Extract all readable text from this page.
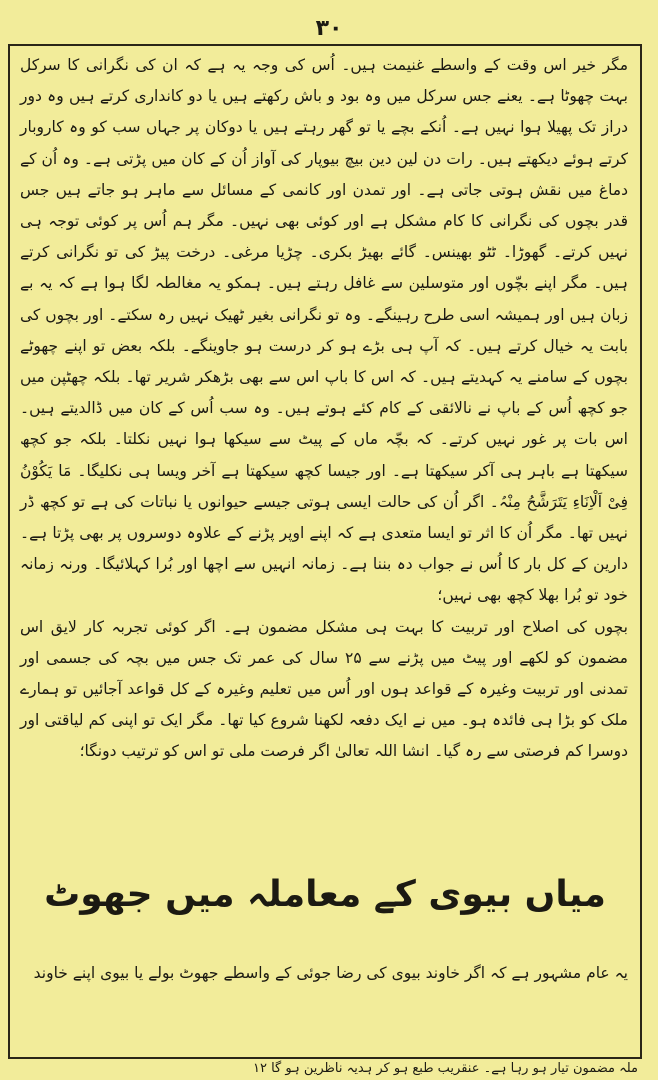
۳۰

مگر خیر اس وقت کے واسطے غنیمت ہیں۔ اُس کی وجہ یہ ہے کہ ان کی نگرانی کا سرکل بہت چھوٹا ہے۔ یعنے جس سرکل میں وہ بود و باش رکھتے ہیں یا دو کانداری کرتے ہیں وہ دور دراز تک پھیلا ہوا نہیں ہے۔ اُنکے بچے یا تو گھر رہتے ہیں یا دوکان پر جہاں سب کو وہ کاروبار کرتے ہوئے دیکھتے ہیں۔ رات دن لین دین بیچ بیوپار کی آواز اُن کے کان میں پڑتی ہے۔ وہ اُن کے دماغ میں نقش ہوتی جاتی ہے۔ اور تمدن اور کانمی کے مسائل سے ماہر ہو جاتے ہیں جس قدر بچوں کی نگرانی کا کام مشکل ہے اور کوئی بھی نہیں۔ مگر ہم اُس پر کوئی توجہ ہی نہیں کرتے۔ گھوڑا۔ ٹٹو بھینس۔ گائے بھیڑ بکری۔ چڑیا مرغی۔ درخت پیڑ کی تو نگرانی کرتے ہیں۔ مگر اپنے بچّوں اور متوسلین سے غافل رہتے ہیں۔ ہمکو یہ مغالطہ لگا ہوا ہے کہ یہ بے زبان ہیں اور ہمیشہ اسی طرح رہینگے۔ وہ تو نگرانی بغیر ٹھیک نہیں رہ سکتے۔ اور بچوں کی بابت یہ خیال کرتے ہیں۔ کہ آپ ہی بڑے ہو کر درست ہو جاوینگے۔ بلکہ بعض تو اپنے چھوٹے بچوں کے سامنے یہ کہدیتے ہیں۔ کہ اس کا باپ اس سے بھی بڑھکر شریر تھا۔ بلکہ چھٹپن میں جو کچھ اُس کے باپ نے نالائقی کے کام کئے ہوتے ہیں۔ وہ سب اُس کے کان میں ڈالدیتے ہیں۔ اس بات پر غور نہیں کرتے۔ کہ بچّہ ماں کے پیٹ سے سیکھا ہوا نہیں نکلتا۔ بلکہ جو کچھ سیکھتا ہے باہر ہی آکر سیکھتا ہے۔ اور جیسا کچھ سیکھتا ہے آخر ویسا ہی نکلیگا۔ مَا یَکُوْنُ فِیْ اَلْاِنَاءِ یَتَرَشَّحُ مِنْہُ۔ اگر اُن کی حالت ایسی ہوتی جیسے حیوانوں یا نباتات کی ہے تو کچھ ڈر نہیں تھا۔ مگر اُن کا اثر تو ایسا متعدی ہے کہ اپنے اوپر پڑنے کے علاوہ دوسروں پر بھی پڑتا ہے۔ دارین کے کل بار کا اُس نے جواب دہ بننا ہے۔ زمانہ انہیں سے اچھا اور بُرا کہلائیگا۔ ورنہ زمانہ خود تو بُرا بھلا کچھ بھی نہیں؛

بچوں کی اصلاح اور تربیت کا بہت ہی مشکل مضمون ہے۔ اگر کوئی تجربہ کار لایق اس مضمون کو لکھے اور پیٹ میں پڑنے سے ۲۵ سال کی عمر تک جس میں بچہ کی جسمی اور تمدنی اور تربیت وغیرہ کے قواعد ہوں اور اُس میں تعلیم وغیرہ کے کل قواعد آجائیں تو ہمارے ملک کو بڑا ہی فائدہ ہو۔ میں نے ایک دفعہ لکھنا شروع کیا تھا۔ مگر ایک تو اپنی کم لیاقتی اور دوسرا کم فرصتی سے رہ گیا۔ انشا اللہ تعالیٰ اگر فرصت ملی تو اس کو ترتیب دونگا؛

میاں بیوی کے معاملہ میں جھوٹ
یہ عام مشہور ہے کہ اگر خاوند بیوی کی رضا جوئی کے واسطے جھوٹ بولے یا بیوی اپنے خاوند
ملہ مضمون تیار ہو رہا ہے۔ عنقریب طبع ہو کر ہدیہ ناظرین ہو گا ۱۲
